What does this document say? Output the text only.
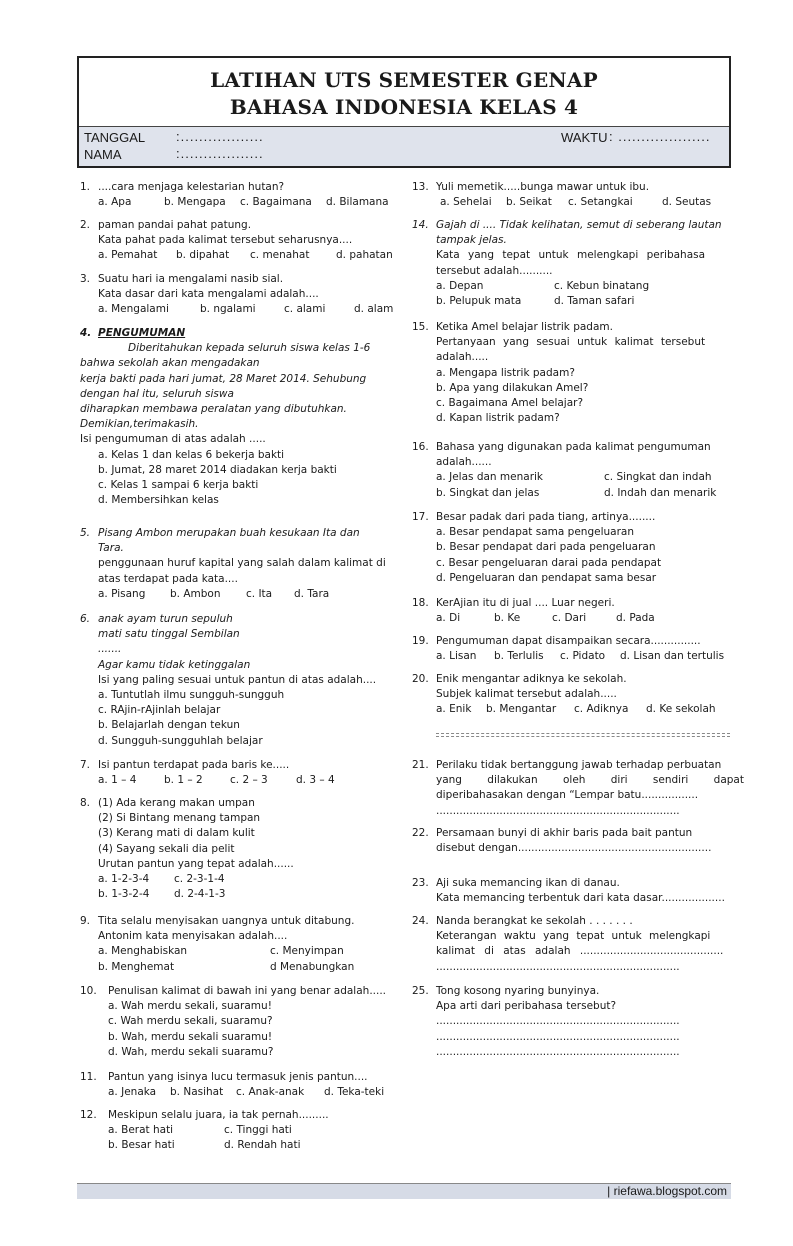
LATIHAN UTS SEMESTER GENAP
BAHASA INDONESIA KELAS 4
TANGGAL :..................
NAMA	:..................
WAKTU : ....................

1. ....cara menjaga kelestarian hutan?

a. Apa	b. Mengapa	c. Bagaimana	d. Bilamana

2. paman pandai pahat patung.

Kata pahat pada kalimat tersebut seharusnya....

a. Pemahat	b. dipahat	c. menahat	d. pahatan

3. Suatu hari ia mengalami nasib sial.

Kata dasar dari kata mengalami adalah....

a. Mengalami	b. ngalami	c. alami	d. alam

4. PENGUMUMAN

Diberitahukan kepada seluruh siswa kelas 1-6

bahwa sekolah akan mengadakan

kerja bakti pada hari jumat, 28 Maret 2014. Sehubung

dengan hal itu, seluruh siswa

diharapkan membawa peralatan yang dibutuhkan.

Demikian,terimakasih.

Isi pengumuman di atas adalah .....

a. Kelas 1 dan kelas 6 bekerja bakti

b. Jumat, 28 maret 2014 diadakan kerja bakti

c. Kelas 1 sampai 6 kerja bakti

d. Membersihkan kelas

5. Pisang Ambon merupakan buah kesukaan Ita dan

Tara.

penggunaan huruf kapital yang salah dalam kalimat di

atas terdapat pada kata....

a. Pisang	b. Ambon	c. Ita	d. Tara

6. anak ayam turun sepuluh

mati satu tinggal Sembilan

.......

Agar kamu tidak ketinggalan

Isi yang paling sesuai untuk pantun di atas adalah....

a. Tuntutlah ilmu sungguh-sungguh

c. RAjin-rAjinlah belajar

b. Belajarlah dengan tekun

d. Sungguh-sungguhlah belajar

7. Isi pantun terdapat pada baris ke.....

a. 1 – 4	b. 1 – 2	c. 2 – 3	d. 3 – 4

8. (1) Ada kerang makan umpan

(2) Si Bintang menang tampan

(3) Kerang mati di dalam kulit

(4) Sayang sekali dia pelit

Urutan pantun yang tepat adalah......

a. 1-2-3-4	c. 2-3-1-4

b. 1-3-2-4	d. 2-4-1-3

9. Tita selalu menyisakan uangnya untuk ditabung.

Antonim kata menyisakan adalah....

a. Menghabiskan	c. Menyimpan

b. Menghemat	d Menabungkan

10. Penulisan kalimat di bawah ini yang benar adalah.....

a. Wah merdu sekali, suaramu!

c. Wah merdu sekali, suaramu?

b. Wah, merdu sekali suaramu!

d. Wah, merdu sekali suaramu?

11. Pantun yang isinya lucu termasuk jenis pantun....

a. Jenaka	b. Nasihat	c. Anak-anak	d. Teka-teki

12. Meskipun selalu juara, ia tak pernah.........

a. Berat hati	c. Tinggi hati

b. Besar hati	d. Rendah hati

13. Yuli memetik.....bunga mawar untuk ibu.

a. Sehelai	b. Seikat	c. Setangkai	d. Seutas

14. Gajah di .... Tidak kelihatan, semut di seberang lautan

tampak jelas.

Kata yang tepat untuk melengkapi peribahasa

tersebut adalah..........

a. Depan	c. Kebun binatang

b. Pelupuk mata	d. Taman safari

15. Ketika Amel belajar listrik padam.

Pertanyaan yang sesuai untuk kalimat tersebut

adalah.....

a. Mengapa listrik padam?

b. Apa yang dilakukan Amel?

c. Bagaimana Amel belajar?

d. Kapan listrik padam?

16. Bahasa yang digunakan pada kalimat pengumuman

adalah......

a. Jelas dan menarik	c. Singkat dan indah

b. Singkat dan jelas	d. Indah dan menarik

17. Besar padak dari pada tiang, artinya........

a. Besar pendapat sama pengeluaran

b. Besar pendapat dari pada pengeluaran

c. Besar pengeluaran darai pada pendapat

d. Pengeluaran dan pendapat sama besar

18. KerAjian itu di jual .... Luar negeri.

a. Di	b. Ke	c. Dari	d. Pada

19. Pengumuman dapat disampaikan secara...............

a. Lisan	b. Terlulis	c. Pidato	d. Lisan dan tertulis

20. Enik mengantar adiknya ke sekolah.

Subjek kalimat tersebut adalah.....

a. Enik	b. Mengantar	c. Adiknya	d. Ke sekolah

21. Perilaku tidak bertanggung jawab terhadap perbuatan

yang dilakukan oleh diri sendiri dapat

diperibahasakan dengan “Lempar batu.................

.........................................................................

22. Persamaan bunyi di akhir baris pada bait pantun

disebut dengan..........................................................

23. Aji suka memancing ikan di danau.

Kata memancing terbentuk dari kata dasar...................

24. Nanda berangkat ke sekolah . . . . . . .

Keterangan waktu yang tepat untuk melengkapi

kalimat di atas adalah ...........................................

.........................................................................

25. Tong kosong nyaring bunyinya.

Apa arti dari peribahasa tersebut?

.........................................................................

.........................................................................

.........................................................................

| riefawa.blogspot.com
